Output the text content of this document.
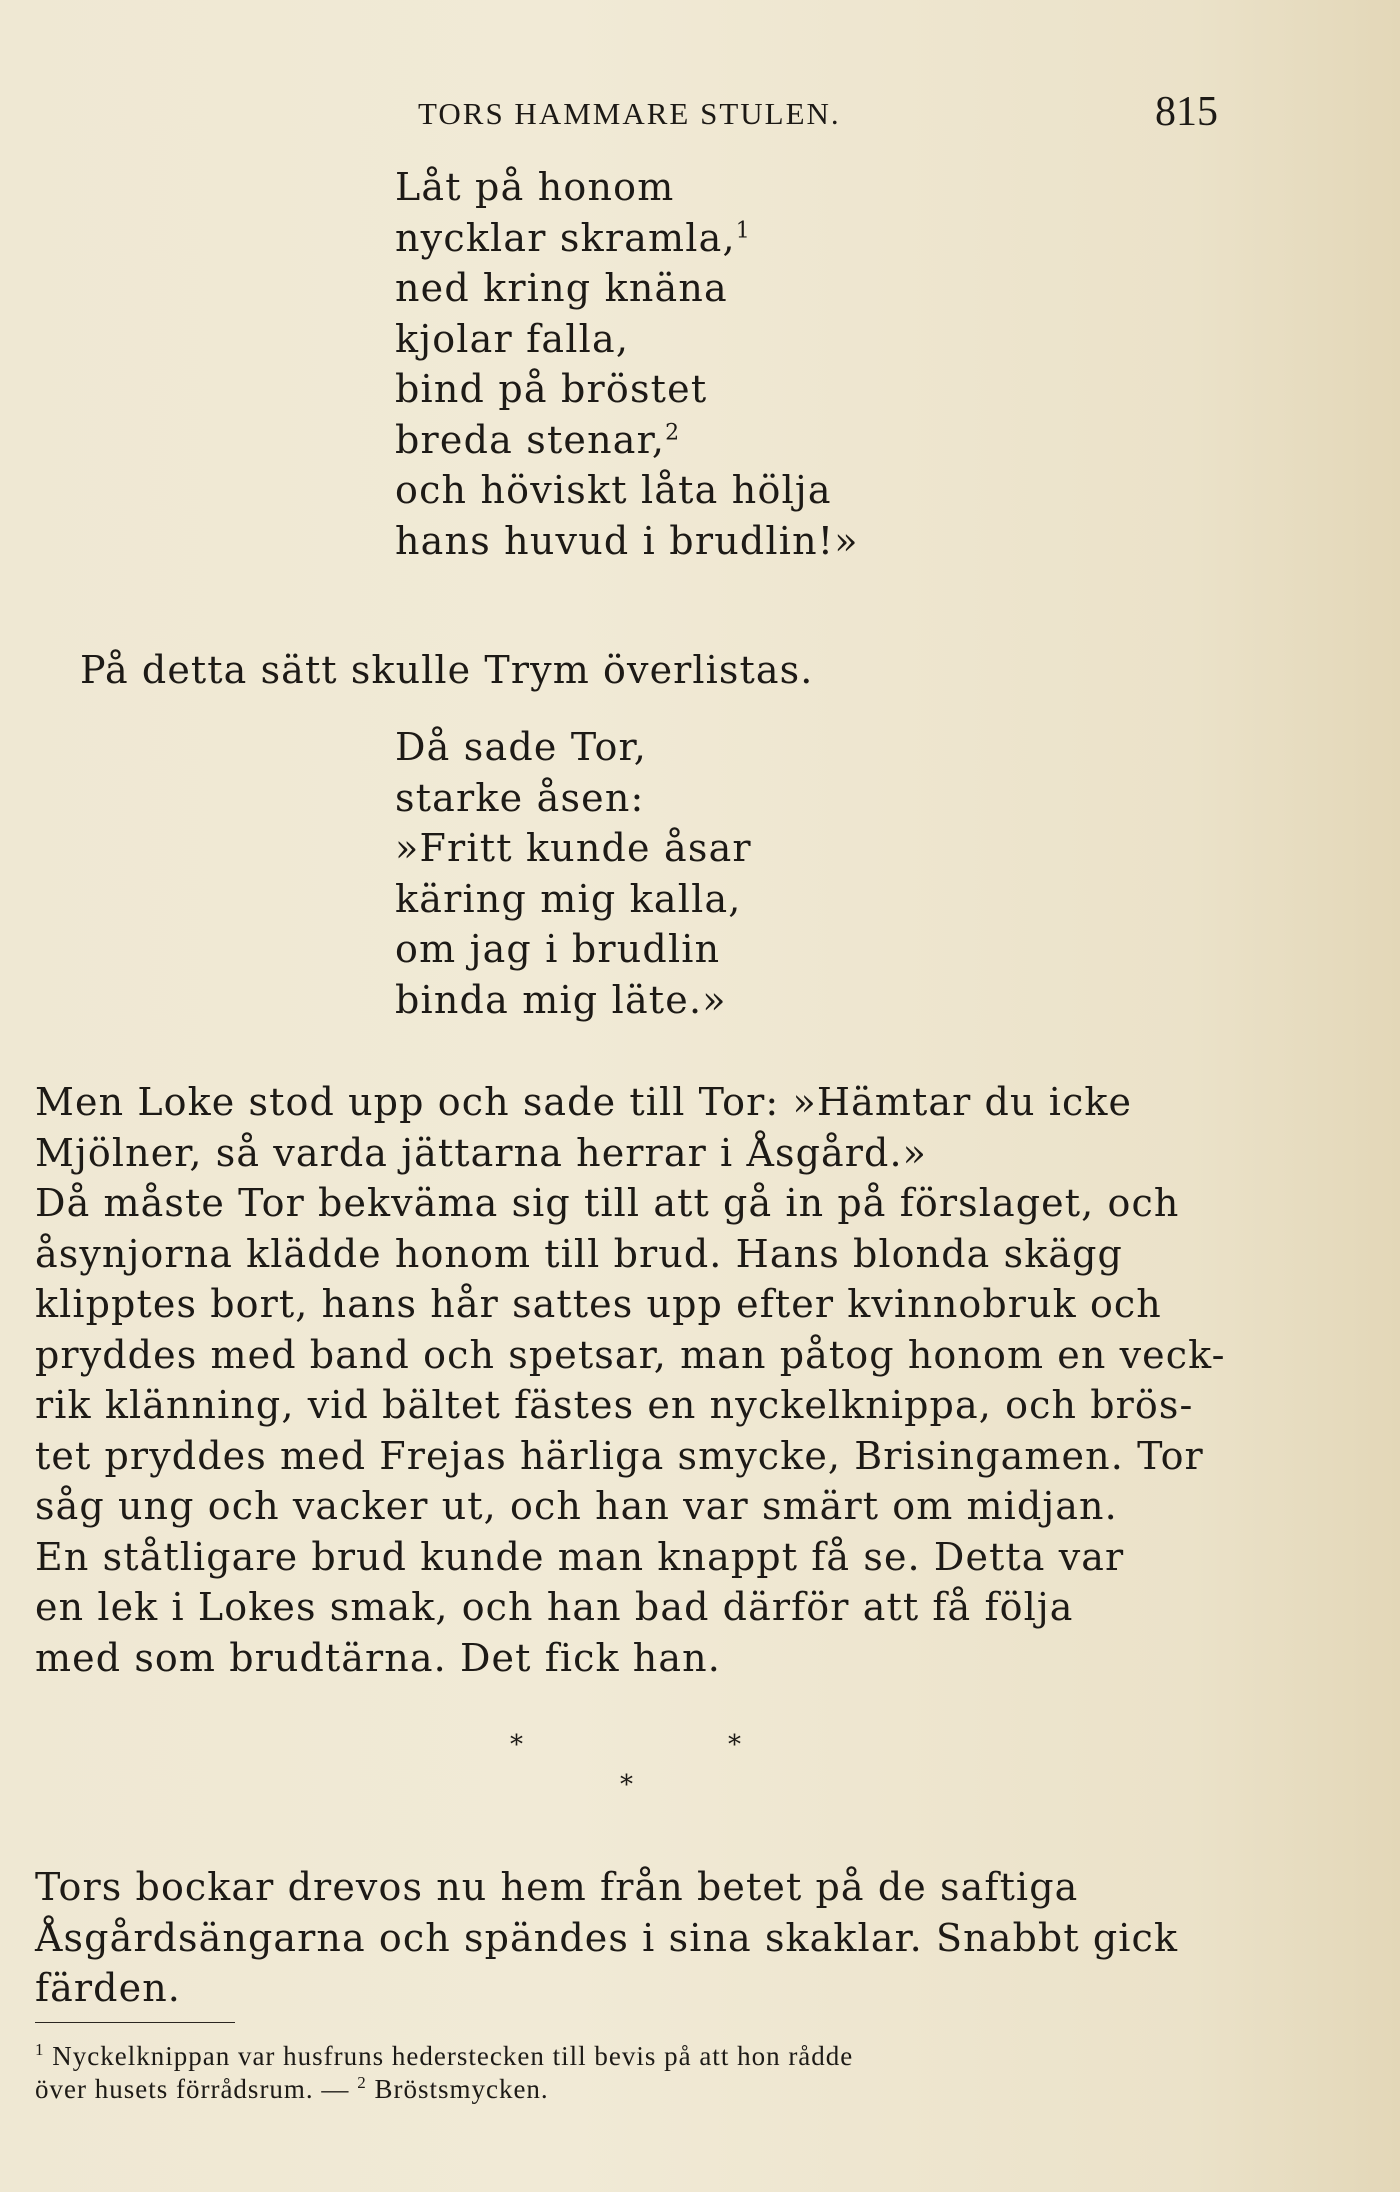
TORS HAMMARE STULEN.	815
Låt på honom
nycklar skramla,$^1$
ned kring knäna
kjolar falla,
bind på bröstet
breda stenar,$^2$
och höviskt låta hölja
hans huvud i brudlin!»
På detta sätt skulle Trym överlistas.
Då sade Tor,
starke åsen:
»Fritt kunde åsar
käring mig kalla,
om jag i brudlin
binda mig läte.»
Men Loke stod upp och sade till Tor: »Hämtar du icke
Mjölner, så varda jättarna herrar i Åsgård.»
Då måste Tor bekväma sig till att gå in på förslaget, och
åsynjorna klädde honom till brud. Hans blonda skägg
klipptes bort, hans hår sattes upp efter kvinnobruk och
pryddes med band och spetsar, man påtog honom en veck-
rik klänning, vid bältet fästes en nyckelknippa, och brös-
tet pryddes med Frejas härliga smycke, Brisingamen. Tor
såg ung och vacker ut, och han var smärt om midjan.
En ståtligare brud kunde man knappt få se. Detta var
en lek i Lokes smak, och han bad därför att få följa
med som brudtärna. Det fick han.
*	*
*
Tors bockar drevos nu hem från betet på de saftiga
Åsgårdsängarna och spändes i sina skaklar. Snabbt gick
färden.
$^1$ Nyckelknippan var husfruns hederstecken till bevis på att hon rådde
över husets förrådsrum. — $^2$ Bröstsmycken.
